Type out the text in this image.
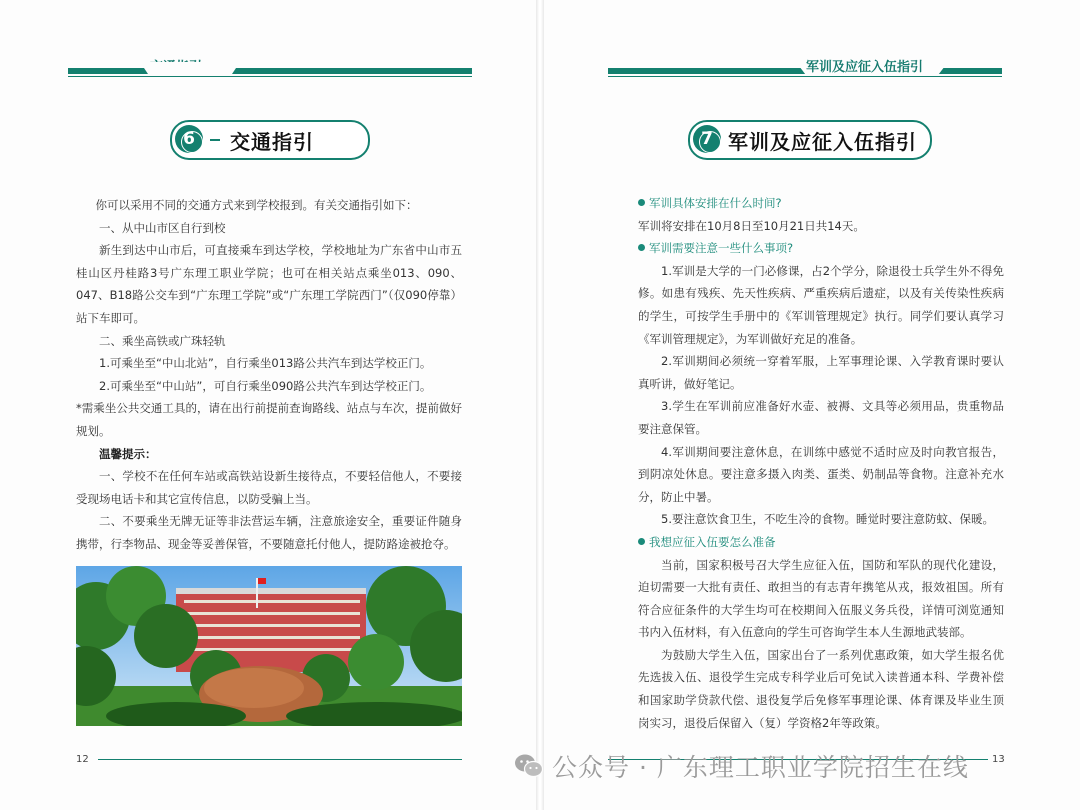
6	交通指引

你可以采用不同的交通方式来到学校报到。有关交通指引如下：

一、从中山市区自行到校

新生到达中山市后，可直接乘车到达学校，学校地址为广东省中山市五桂山区丹桂路3号广东理工职业学院；也可在相关站点乘坐013、090、047、B18路公交车到“广东理工学院”或“广东理工学院西门”（仅090停靠）站下车即可。

二、乘坐高铁或广珠轻轨

1.可乘坐至“中山北站”，自行乘坐013路公共汽车到达学校正门。

2.可乘坐至“中山站”，可自行乘坐090路公共汽车到达学校正门。

*需乘坐公共交通工具的，请在出行前提前查询路线、站点与车次，提前做好规划。

温馨提示：

一、学校不在任何车站或高铁站设新生接待点，不要轻信他人，不要接受现场电话卡和其它宣传信息，以防受骗上当。

二、不要乘坐无牌无证等非法营运车辆，注意旅途安全，重要证件随身携带，行李物品、现金等妥善保管，不要随意托付他人，提防路途被抢夺。

12
军训及应征入伍指引
7 军训及应征入伍指引

军训具体安排在什么时间?

军训将安排在10月8日至10月21日共14天。

军训需要注意一些什么事项?

1.军训是大学的一门必修课，占2个学分，除退役士兵学生外不得免修。如患有残疾、先天性疾病、严重疾病后遗症，以及有关传染性疾病的学生，可按学生手册中的《军训管理规定》执行。同学们要认真学习《军训管理规定》，为军训做好充足的准备。

2.军训期间必须统一穿着军服，上军事理论课、入学教育课时要认真听讲，做好笔记。

3.学生在军训前应准备好水壶、被褥、文具等必须用品，贵重物品要注意保管。

4.军训期间要注意休息，在训练中感觉不适时应及时向教官报告，到阴凉处休息。要注意多摄入肉类、蛋类、奶制品等食物。注意补充水分，防止中暑。

5.要注意饮食卫生，不吃生冷的食物。睡觉时要注意防蚊、保暖。

我想应征入伍要怎么准备

当前，国家积极号召大学生应征入伍，国防和军队的现代化建设，迫切需要一大批有责任、敢担当的有志青年携笔从戎，报效祖国。所有符合应征条件的大学生均可在校期间入伍服义务兵役，详情可浏览通知书内入伍材料，有入伍意向的学生可咨询学生本人生源地武装部。

为鼓励大学生入伍，国家出台了一系列优惠政策，如大学生报名优先选拔入伍、退役学生完成专科学业后可免试入读普通本科、学费补偿和国家助学贷款代偿、退役复学后免修军事理论课、体育课及毕业生顶岗实习，退役后保留入（复）学资格2年等政策。

13
公众号 · 广东理工职业学院招生在线
